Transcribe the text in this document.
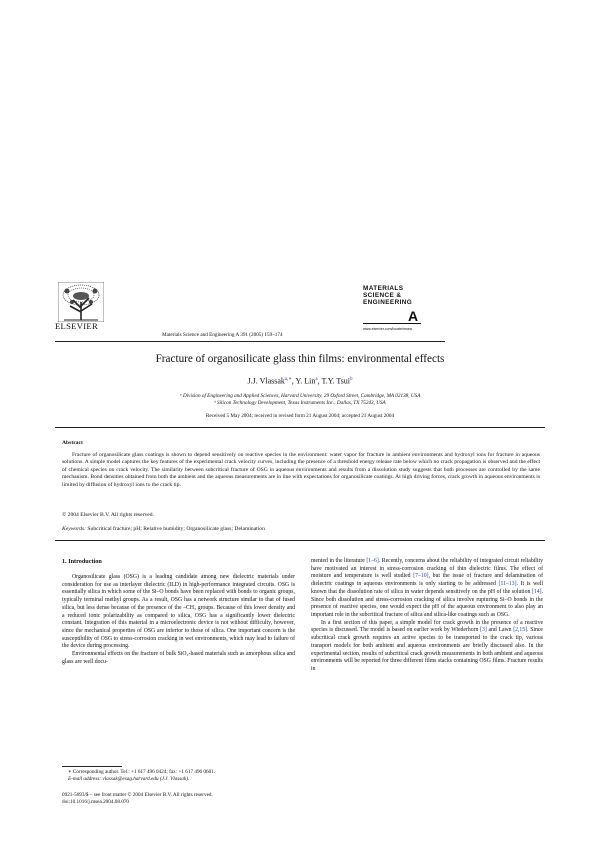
ELSEVIER
Materials Science and Engineering A 391 (2005) 159–174
MATERIALS
SCIENCE &
ENGINEERING
A
www.elsevier.com/locate/msea
Fracture of organosilicate glass thin films: environmental effects
J.J. Vlassak$^{a,∗}$, Y. Lin$^a$, T.Y. Tsui$^b$
ᵃ Division of Engineering and Applied Sciences, Harvard University, 29 Oxford Street, Cambridge, MA 02138, USA
ᵇ Silicon Technology Development, Texas Instruments Inc., Dallas, TX 75243, USA
Received 5 May 2004; received in revised form 21 August 2004; accepted 21 August 2004
Abstract
Fracture of organosilicate glass coatings is shown to depend sensitively on reactive species in the environment: water vapor for fracture in ambient environments and hydroxyl ions for fracture in aqueous solutions. A simple model captures the key features of the experimental crack velocity curves, including the presence of a threshold energy release rate below which no crack propagation is observed and the effect of chemical species on crack velocity. The similarity between subcritical fracture of OSG in aqueous environments and results from a dissolution study suggests that both processes are controlled by the same mechanism. Bond densities obtained from both the ambient and the aqueous measurements are in line with expectations for organosilicate coatings. At high driving forces, crack growth in aqueous environments is limited by diffusion of hydroxyl ions to the crack tip.
© 2004 Elsevier B.V. All rights reserved.
Keywords: Subcritical fracture; pH; Relative humidity; Organosilicate glass; Delamination
1. Introduction

Organosilicate glass (OSG) is a leading candidate among new dielectric materials under consideration for use as interlayer dielectric (ILD) in high-performance integrated circuits. OSG is essentially silica in which some of the Si–O bonds have been replaced with bonds to organic groups, typically terminal methyl groups. As a result, OSG has a network structure similar to that of fused silica, but less dense because of the presence of the –CH₃ groups. Because of this lower density and a reduced ionic polarizability as compared to silica, OSG has a significantly lower dielectric constant. Integration of this material in a microelectronic device is not without difficulty, however, since the mechanical properties of OSG are inferior to those of silica. One important concern is the susceptibility of OSG to stress-corrosion cracking in wet environments, which may lead to failure of the device during processing.

Environmental effects on the fracture of bulk SiO₂-based materials such as amorphous silica and glass are well docu-

∗ Corresponding author. Tel.: +1 617 496 0424; fax: +1 617 496 0601.
E-mail address: vlassak@esag.harvard.edu (J.J. Vlassak).

mented in the literature [1–6]. Recently, concerns about the reliability of integrated circuit reliability have motivated an interest in stress-corrosion cracking of thin dielectric films. The effect of moisture and temperature is well studied [7–10], but the issue of fracture and delamination of dielectric coatings in aqueous environments is only starting to be addressed [11–13]. It is well known that the dissolution rate of silica in water depends sensitively on the pH of the solution [14]. Since both dissolution and stress-corrosion cracking of silica involve rupturing Si–O bonds in the presence of reactive species, one would expect the pH of the aqueous environment to also play an important role in the subcritical fracture of silica and silica-like coatings such as OSG.

In a first section of this paper, a simple model for crack growth in the presence of a reactive species is discussed. The model is based on earlier work by Wiederhorn [3] and Lawn [2,15]. Since subcritical crack growth requires an active species to be transported to the crack tip, various transport models for both ambient and aqueous environments are briefly discussed also. In the experimental section, results of subcritical crack growth measurements in both ambient and aqueous environments will be reported for three different films stacks containing OSG films. Fracture results in

0921-5093/$ – see front matter © 2004 Elsevier B.V. All rights reserved.
doi:10.1016/j.msea.2004.08.070
